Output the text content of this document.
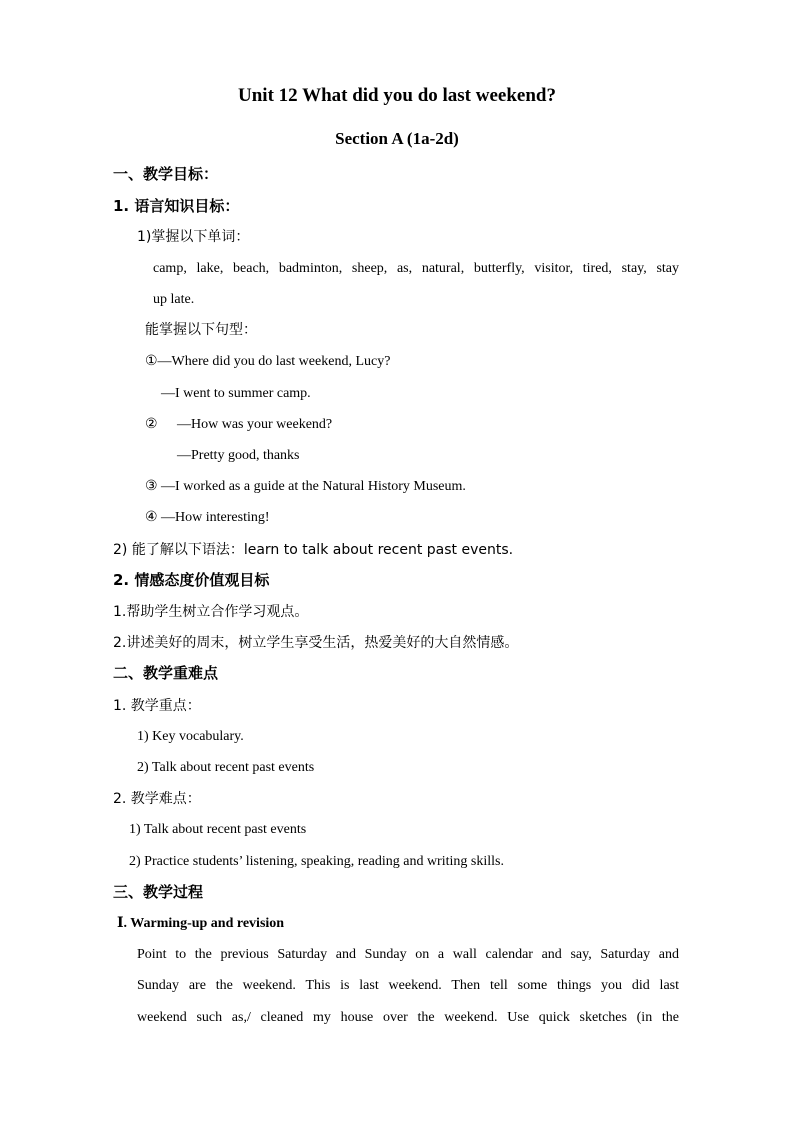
Unit 12 What did you do last weekend?
Section A (1a-2d)
一、教学目标：
1. 语言知识目标：
1)掌握以下单词：
camp, lake, beach, badminton, sheep, as, natural, butterfly, visitor, tired, stay, stay
up late.
能掌握以下句型：
①—Where did you do last weekend, Lucy?
—I went to summer camp.
② —How was your weekend?
—Pretty good, thanks
③ —I worked as a guide at the Natural History Museum.
④ —How interesting!
2) 能了解以下语法：learn to talk about recent past events.
2. 情感态度价值观目标
1.帮助学生树立合作学习观点。
2.讲述美好的周末，树立学生享受生活，热爱美好的大自然情感。
二、教学重难点
1. 教学重点：
1) Key vocabulary.
2) Talk about recent past events
2. 教学难点：
1) Talk about recent past events
2) Practice students’ listening, speaking, reading and writing skills.
三、教学过程
Ⅰ. Warming-up and revision
Point to the previous Saturday and Sunday on a wall calendar and say, Saturday and
Sunday are the weekend. This is last weekend. Then tell some things you did last
weekend such as,/ cleaned my house over the weekend. Use quick sketches (in the
